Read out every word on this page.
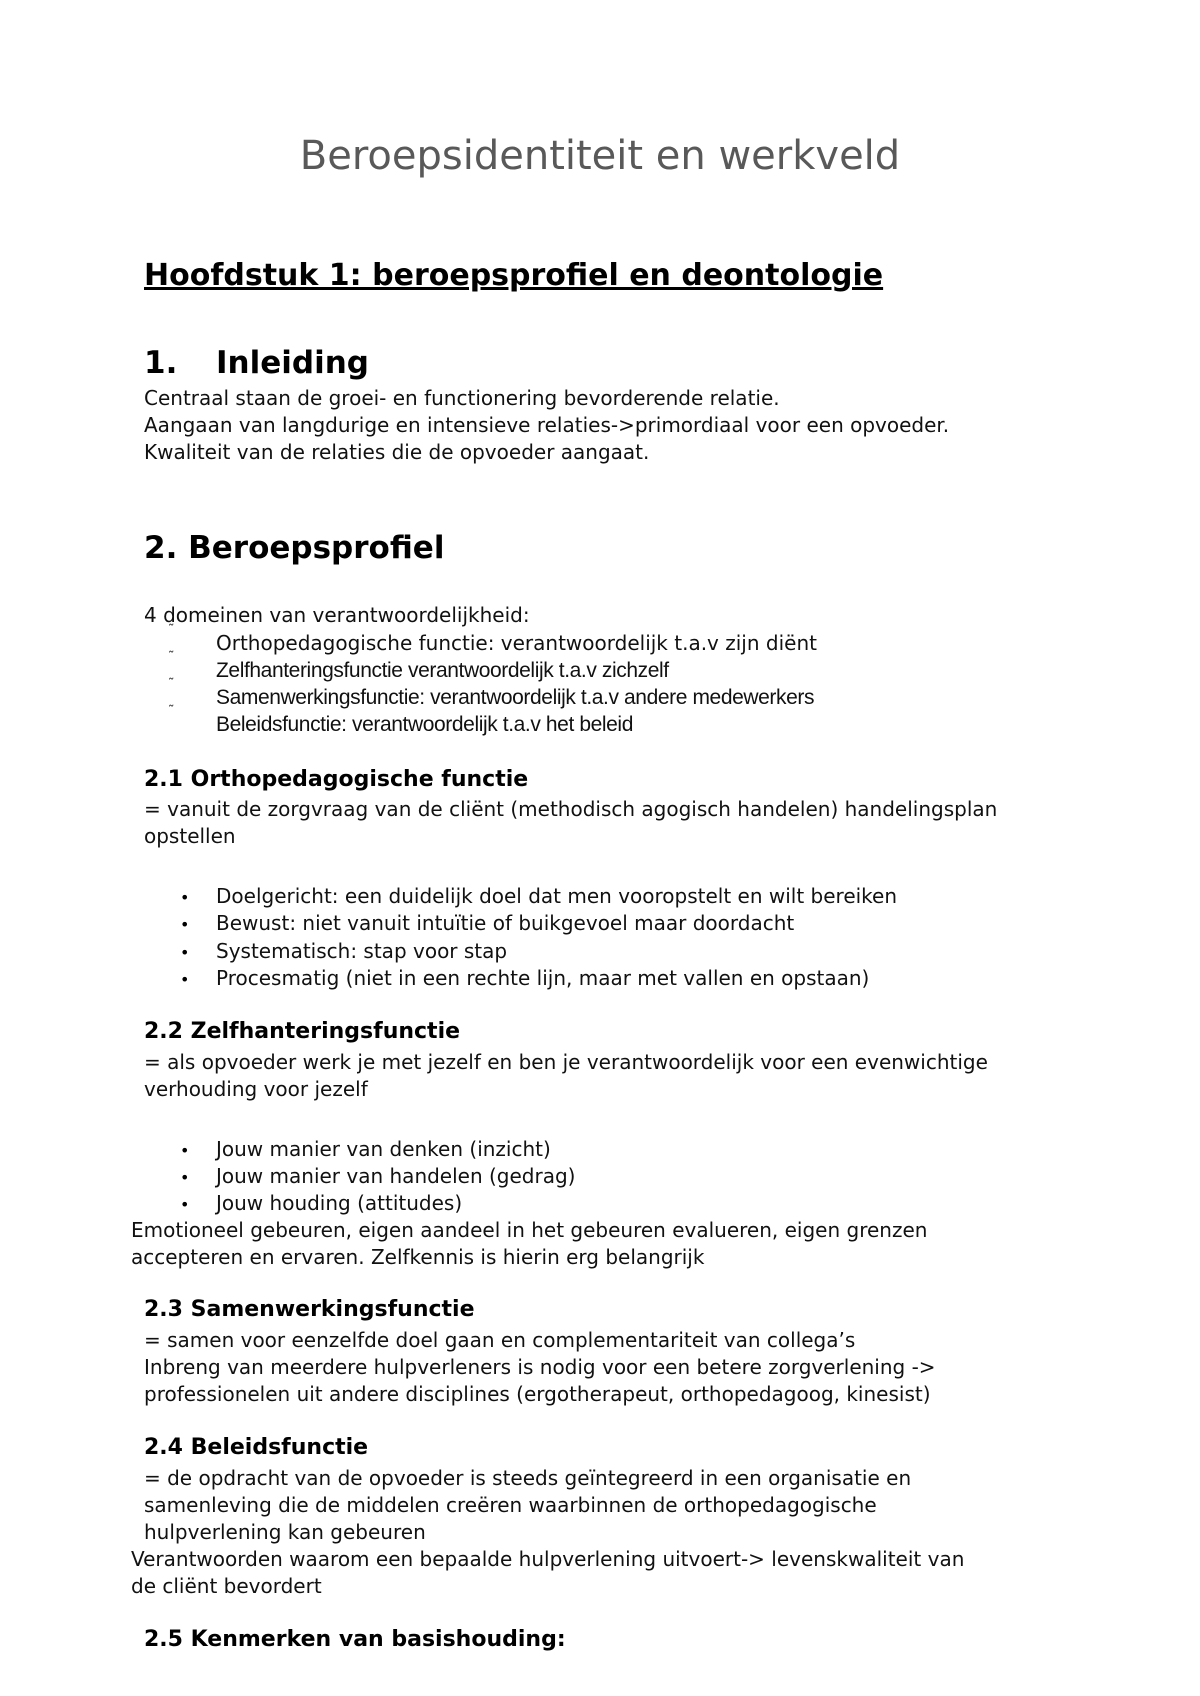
Beroepsidentiteit en werkveld
Hoofdstuk 1: beroepsprofiel en deontologie
1. Inleiding
Centraal staan de groei- en functionering bevorderende relatie.
Aangaan van langdurige en intensieve relaties->primordiaal voor een opvoeder.
Kwaliteit van de relaties die de opvoeder aangaat.
2. Beroepsprofiel
4 domeinen van verantwoordelijkheid:
˜
Orthopedagogische functie: verantwoordelijk t.a.v zijn diënt
˜
Zelfhanteringsfunctie verantwoordelijk t.a.v zichzelf
˜
Samenwerkingsfunctie: verantwoordelijk t.a.v andere medewerkers
˜
Beleidsfunctie: verantwoordelijk t.a.v het beleid
2.1 Orthopedagogische functie
= vanuit de zorgvraag van de cliënt (methodisch agogisch handelen) handelingsplan
opstellen
• Doelgericht: een duidelijk doel dat men vooropstelt en wilt bereiken
• Bewust: niet vanuit intuïtie of buikgevoel maar doordacht
• Systematisch: stap voor stap
• Procesmatig (niet in een rechte lijn, maar met vallen en opstaan)
2.2 Zelfhanteringsfunctie
= als opvoeder werk je met jezelf en ben je verantwoordelijk voor een evenwichtige
verhouding voor jezelf
• Jouw manier van denken (inzicht)
• Jouw manier van handelen (gedrag)
• Jouw houding (attitudes)
Emotioneel gebeuren, eigen aandeel in het gebeuren evalueren, eigen grenzen
accepteren en ervaren. Zelfkennis is hierin erg belangrijk
2.3 Samenwerkingsfunctie
= samen voor eenzelfde doel gaan en complementariteit van collega’s
Inbreng van meerdere hulpverleners is nodig voor een betere zorgverlening ->
professionelen uit andere disciplines (ergotherapeut, orthopedagoog, kinesist)
2.4 Beleidsfunctie
= de opdracht van de opvoeder is steeds geïntegreerd in een organisatie en
samenleving die de middelen creëren waarbinnen de orthopedagogische
hulpverlening kan gebeuren
Verantwoorden waarom een bepaalde hulpverlening uitvoert-> levenskwaliteit van
de cliënt bevordert
2.5 Kenmerken van basishouding:
